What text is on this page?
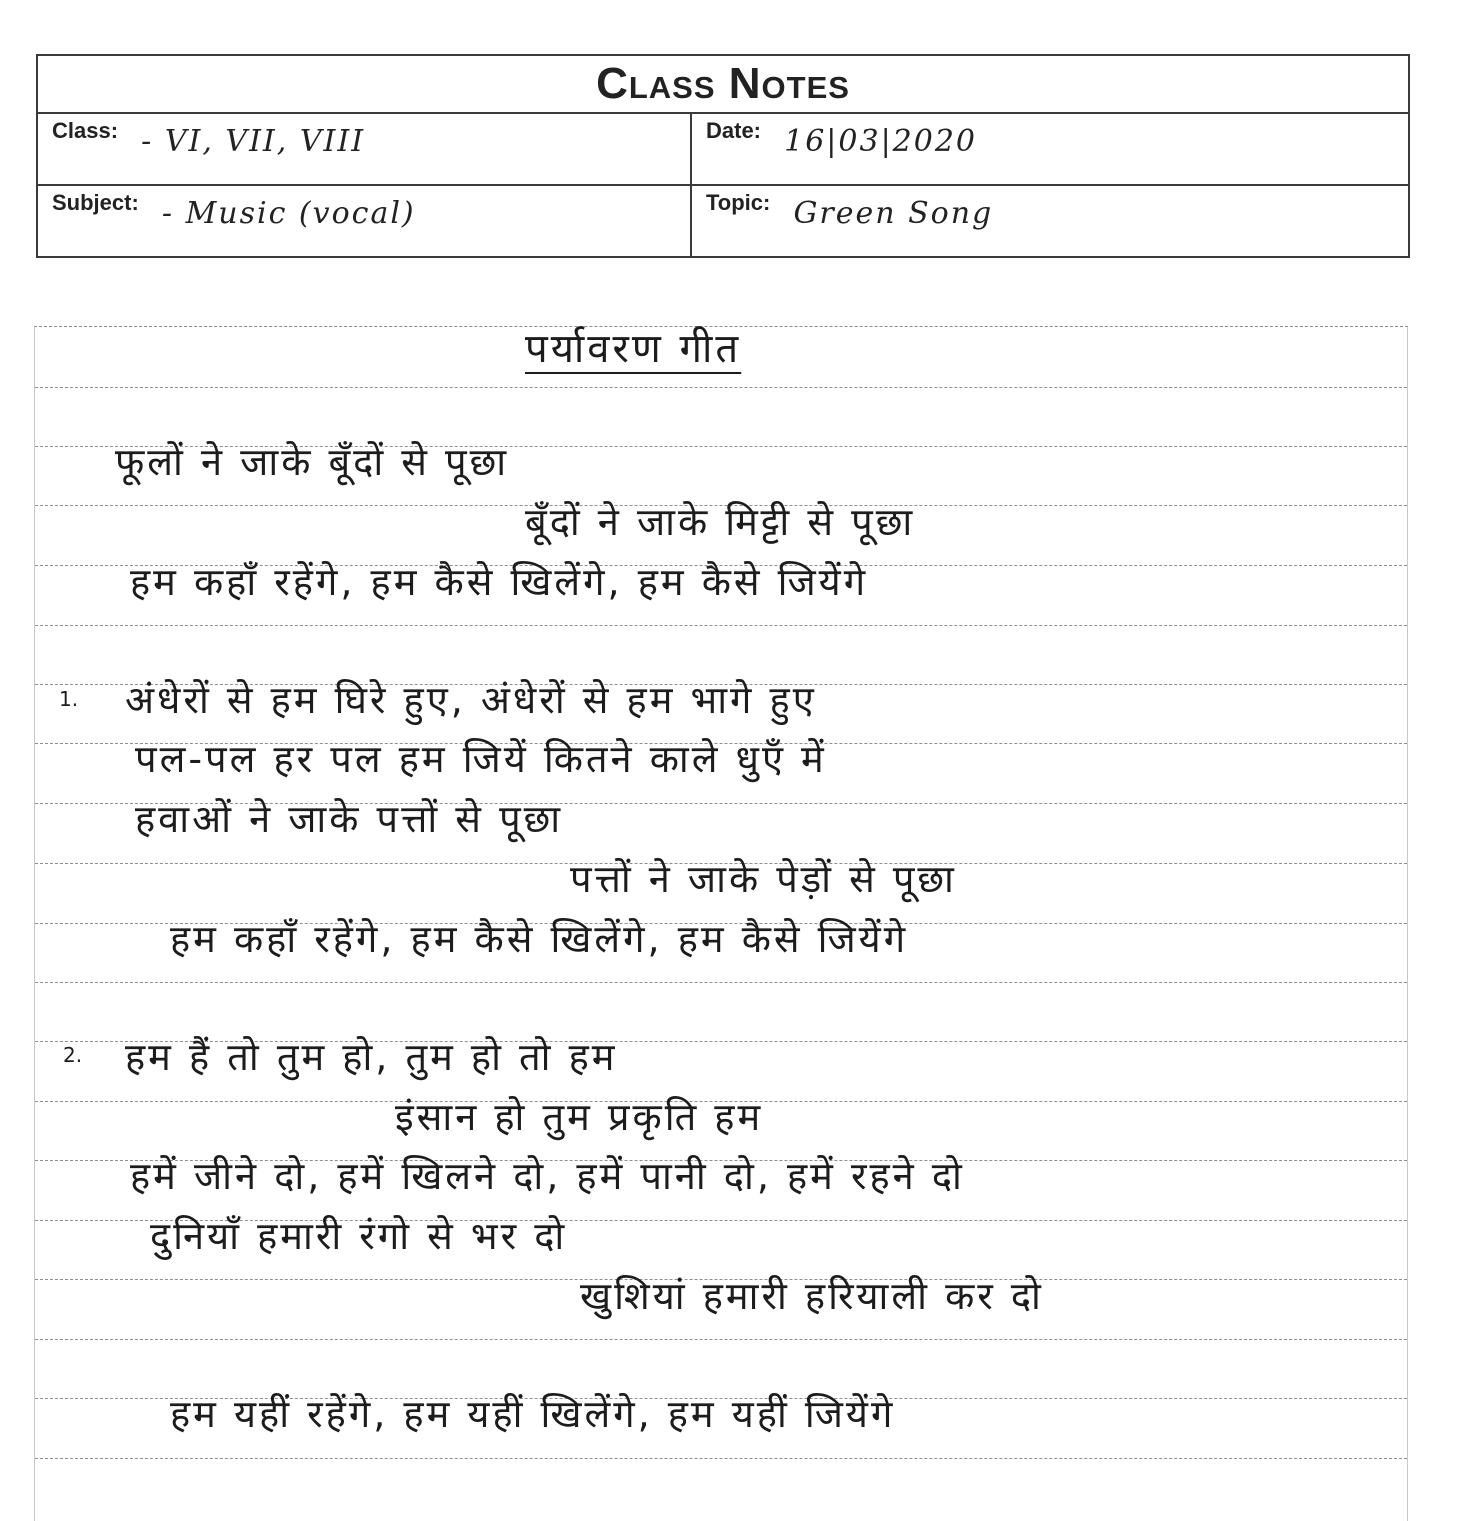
Class Notes
Class: - VI, VII, VIII	Date: 16|03|2020
Subject: - Music (vocal)	Topic: Green Song
पर्यावरण गीत
फूलों ने जाके बूँदों से पूछा
बूँदों ने जाके मिट्टी से पूछा
हम कहाँ रहेंगे, हम कैसे खिलेंगे, हम कैसे जियेंगे
1. अंधेरों से हम घिरे हुए, अंधेरों से हम भागे हुए
पल-पल हर पल हम जियें कितने काले धुएँ में
हवाओं ने जाके पत्तों से पूछा
पत्तों ने जाके पेड़ों से पूछा
हम कहाँ रहेंगे, हम कैसे खिलेंगे, हम कैसे जियेंगे
2. हम हैं तो तुम हो, तुम हो तो हम
इंसान हो तुम प्रकृति हम
हमें जीने दो, हमें खिलने दो, हमें पानी दो, हमें रहने दो
दुनियाँ हमारी रंगो से भर दो
खुशियां हमारी हरियाली कर दो
हम यहीं रहेंगे, हम यहीं खिलेंगे, हम यहीं जियेंगे
